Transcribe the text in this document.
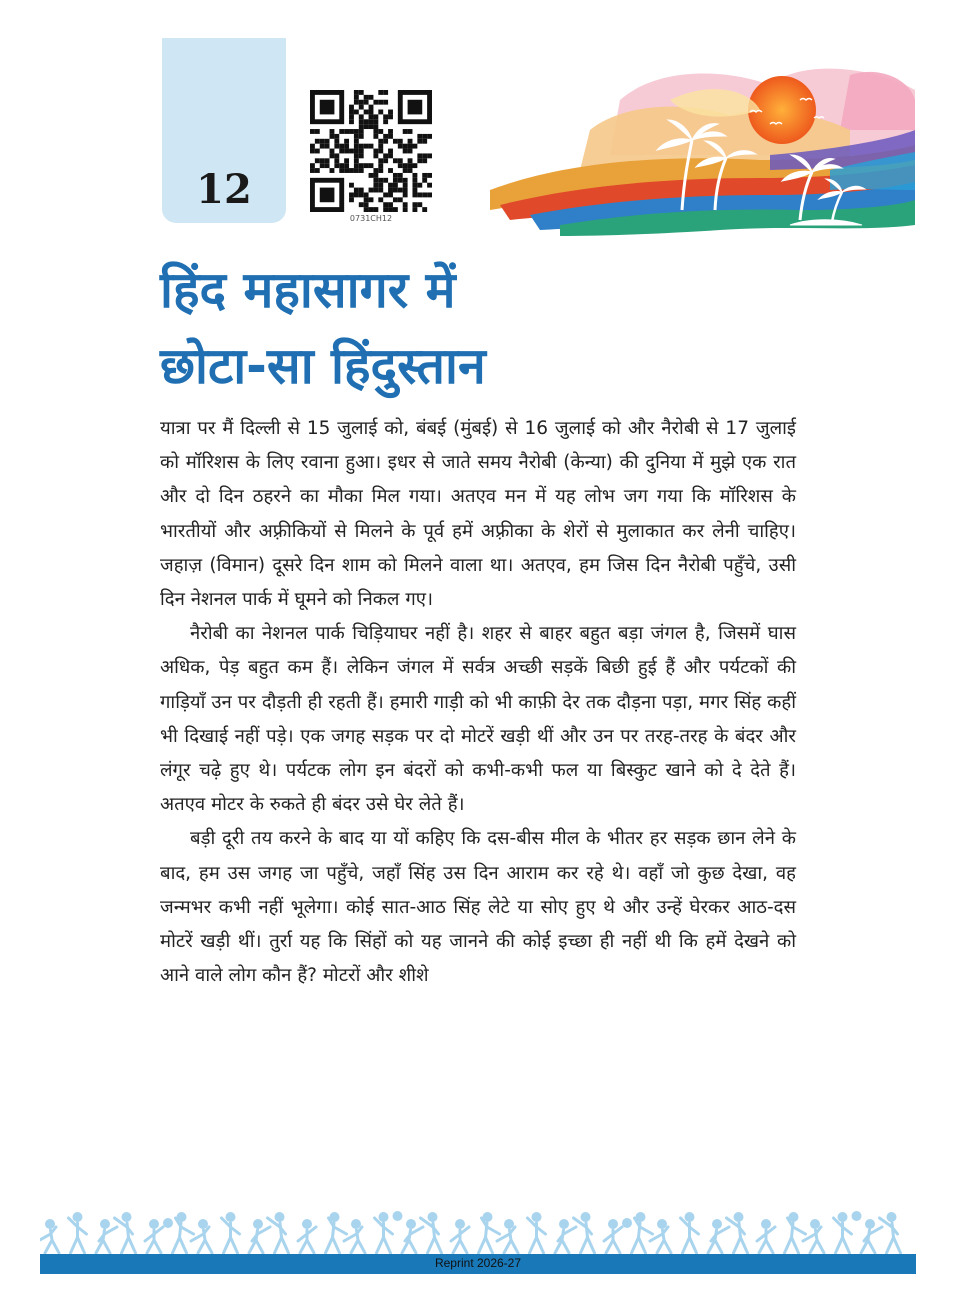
12
0731CH12
हिंद महासागर में
छोटा-सा हिंदुस्तान

यात्रा पर मैं दिल्ली से 15 जुलाई को, बंबई (मुंबई) से 16 जुलाई को और नैरोबी से 17 जुलाई को मॉरिशस के लिए रवाना हुआ। इधर से जाते समय नैरोबी (केन्या) की दुनिया में मुझे एक रात और दो दिन ठहरने का मौका मिल गया। अतएव मन में यह लोभ जग गया कि मॉरिशस के भारतीयों और अफ़्रीकियों से मिलने के पूर्व हमें अफ़्रीका के शेरों से मुलाकात कर लेनी चाहिए। जहाज़ (विमान) दूसरे दिन शाम को मिलने वाला था। अतएव, हम जिस दिन नैरोबी पहुँचे, उसी दिन नेशनल पार्क में घूमने को निकल गए।

नैरोबी का नेशनल पार्क चिड़ियाघर नहीं है। शहर से बाहर बहुत बड़ा जंगल है, जिसमें घास अधिक, पेड़ बहुत कम हैं। लेकिन जंगल में सर्वत्र अच्छी सड़कें बिछी हुई हैं और पर्यटकों की गाड़ियाँ उन पर दौड़ती ही रहती हैं। हमारी गाड़ी को भी काफ़ी देर तक दौड़ना पड़ा, मगर सिंह कहीं भी दिखाई नहीं पड़े। एक जगह सड़क पर दो मोटरें खड़ी थीं और उन पर तरह-तरह के बंदर और लंगूर चढ़े हुए थे। पर्यटक लोग इन बंदरों को कभी-कभी फल या बिस्कुट खाने को दे देते हैं। अतएव मोटर के रुकते ही बंदर उसे घेर लेते हैं।

बड़ी दूरी तय करने के बाद या यों कहिए कि दस-बीस मील के भीतर हर सड़क छान लेने के बाद, हम उस जगह जा पहुँचे, जहाँ सिंह उस दिन आराम कर रहे थे। वहाँ जो कुछ देखा, वह जन्मभर कभी नहीं भूलेगा। कोई सात-आठ सिंह लेटे या सोए हुए थे और उन्हें घेरकर आठ-दस मोटरें खड़ी थीं। तुर्रा यह कि सिंहों को यह जानने की कोई इच्छा ही नहीं थी कि हमें देखने को आने वाले लोग कौन हैं? मोटरों और शीशे

Reprint 2026-27
